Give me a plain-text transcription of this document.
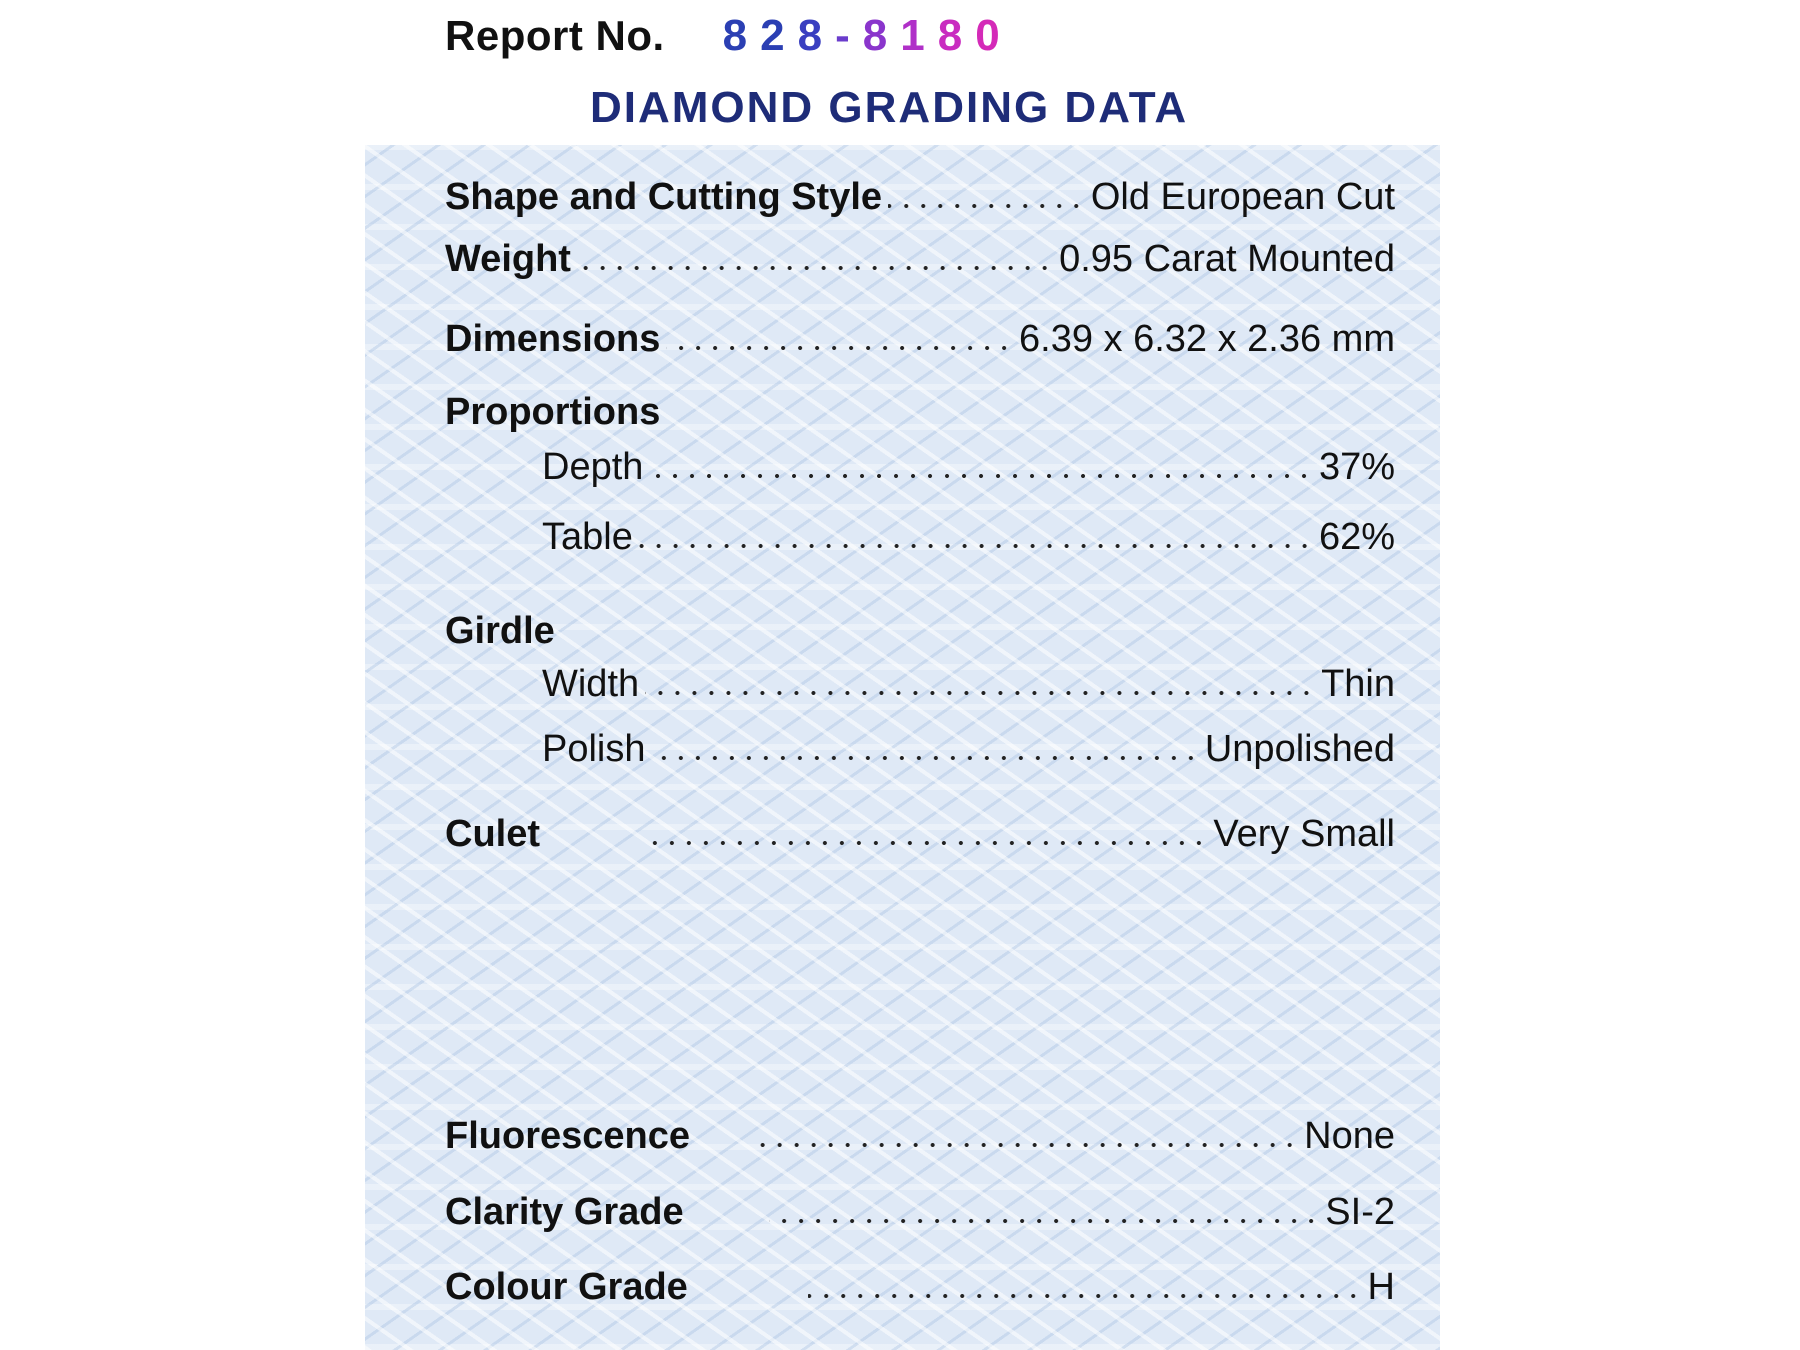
Report No. 828-8180
DIAMOND GRADING DATA
Shape and Cutting Style	Old European Cut
Weight	0.95 Carat Mounted
Dimensions	6.39 x 6.32 x 2.36 mm
Proportions
Depth	37%
Table	62%
Girdle
Width	Thin
Polish	Unpolished
Culet	Very Small
Fluorescence	None
Clarity Grade	SI-2
Colour Grade	H
